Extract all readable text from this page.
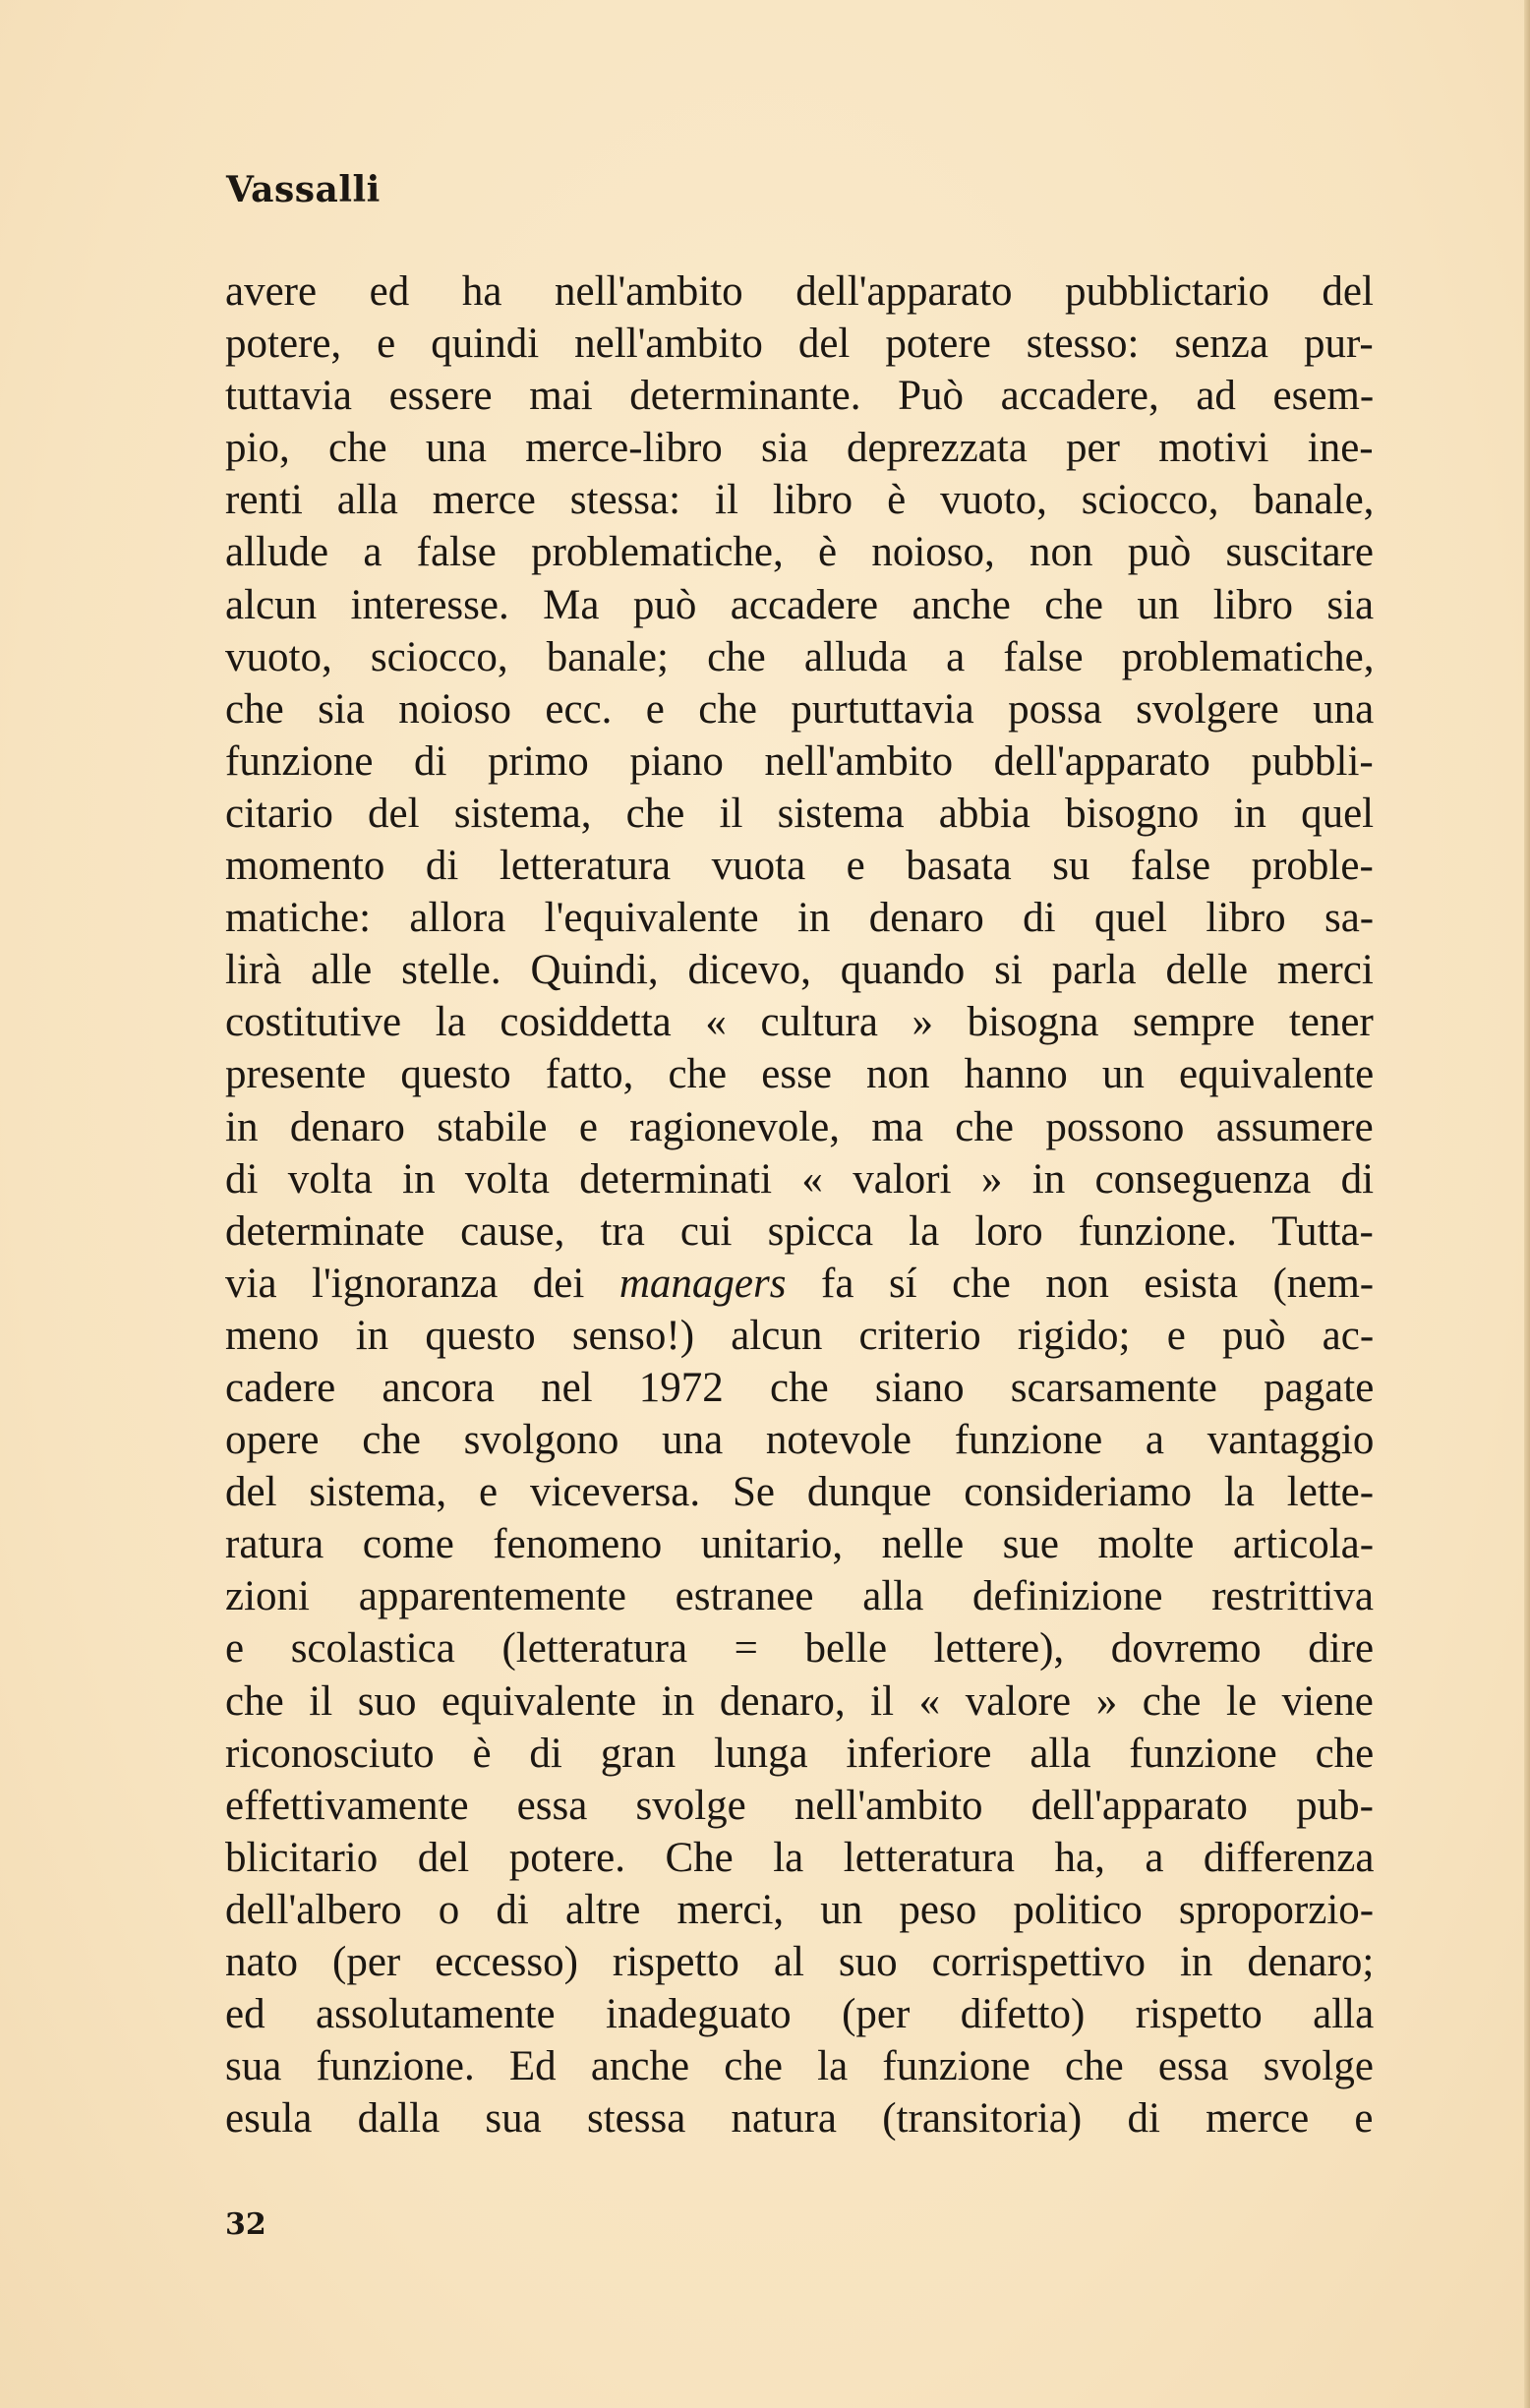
Vassalli
avere ed ha nell'ambito dell'apparato pubblictario del
potere, e quindi nell'ambito del potere stesso: senza pur-
tuttavia essere mai determinante. Può accadere, ad esem-
pio, che una merce-libro sia deprezzata per motivi ine-
renti alla merce stessa: il libro è vuoto, sciocco, banale,
allude a false problematiche, è noioso, non può suscitare
alcun interesse. Ma può accadere anche che un libro sia
vuoto, sciocco, banale; che alluda a false problematiche,
che sia noioso ecc. e che purtuttavia possa svolgere una
funzione di primo piano nell'ambito dell'apparato pubbli-
citario del sistema, che il sistema abbia bisogno in quel
momento di letteratura vuota e basata su false proble-
matiche: allora l'equivalente in denaro di quel libro sa-
lirà alle stelle. Quindi, dicevo, quando si parla delle merci
costitutive la cosiddetta « cultura » bisogna sempre tener
presente questo fatto, che esse non hanno un equivalente
in denaro stabile e ragionevole, ma che possono assumere
di volta in volta determinati « valori » in conseguenza di
determinate cause, tra cui spicca la loro funzione. Tutta-
via l'ignoranza dei managers fa sí che non esista (nem-
meno in questo senso!) alcun criterio rigido; e può ac-
cadere ancora nel 1972 che siano scarsamente pagate
opere che svolgono una notevole funzione a vantaggio
del sistema, e viceversa. Se dunque consideriamo la lette-
ratura come fenomeno unitario, nelle sue molte articola-
zioni apparentemente estranee alla definizione restrittiva
e scolastica (letteratura = belle lettere), dovremo dire
che il suo equivalente in denaro, il « valore » che le viene
riconosciuto è di gran lunga inferiore alla funzione che
effettivamente essa svolge nell'ambito dell'apparato pub-
blicitario del potere. Che la letteratura ha, a differenza
dell'albero o di altre merci, un peso politico sproporzio-
nato (per eccesso) rispetto al suo corrispettivo in denaro;
ed assolutamente inadeguato (per difetto) rispetto alla
sua funzione. Ed anche che la funzione che essa svolge
esula dalla sua stessa natura (transitoria) di merce e

32
